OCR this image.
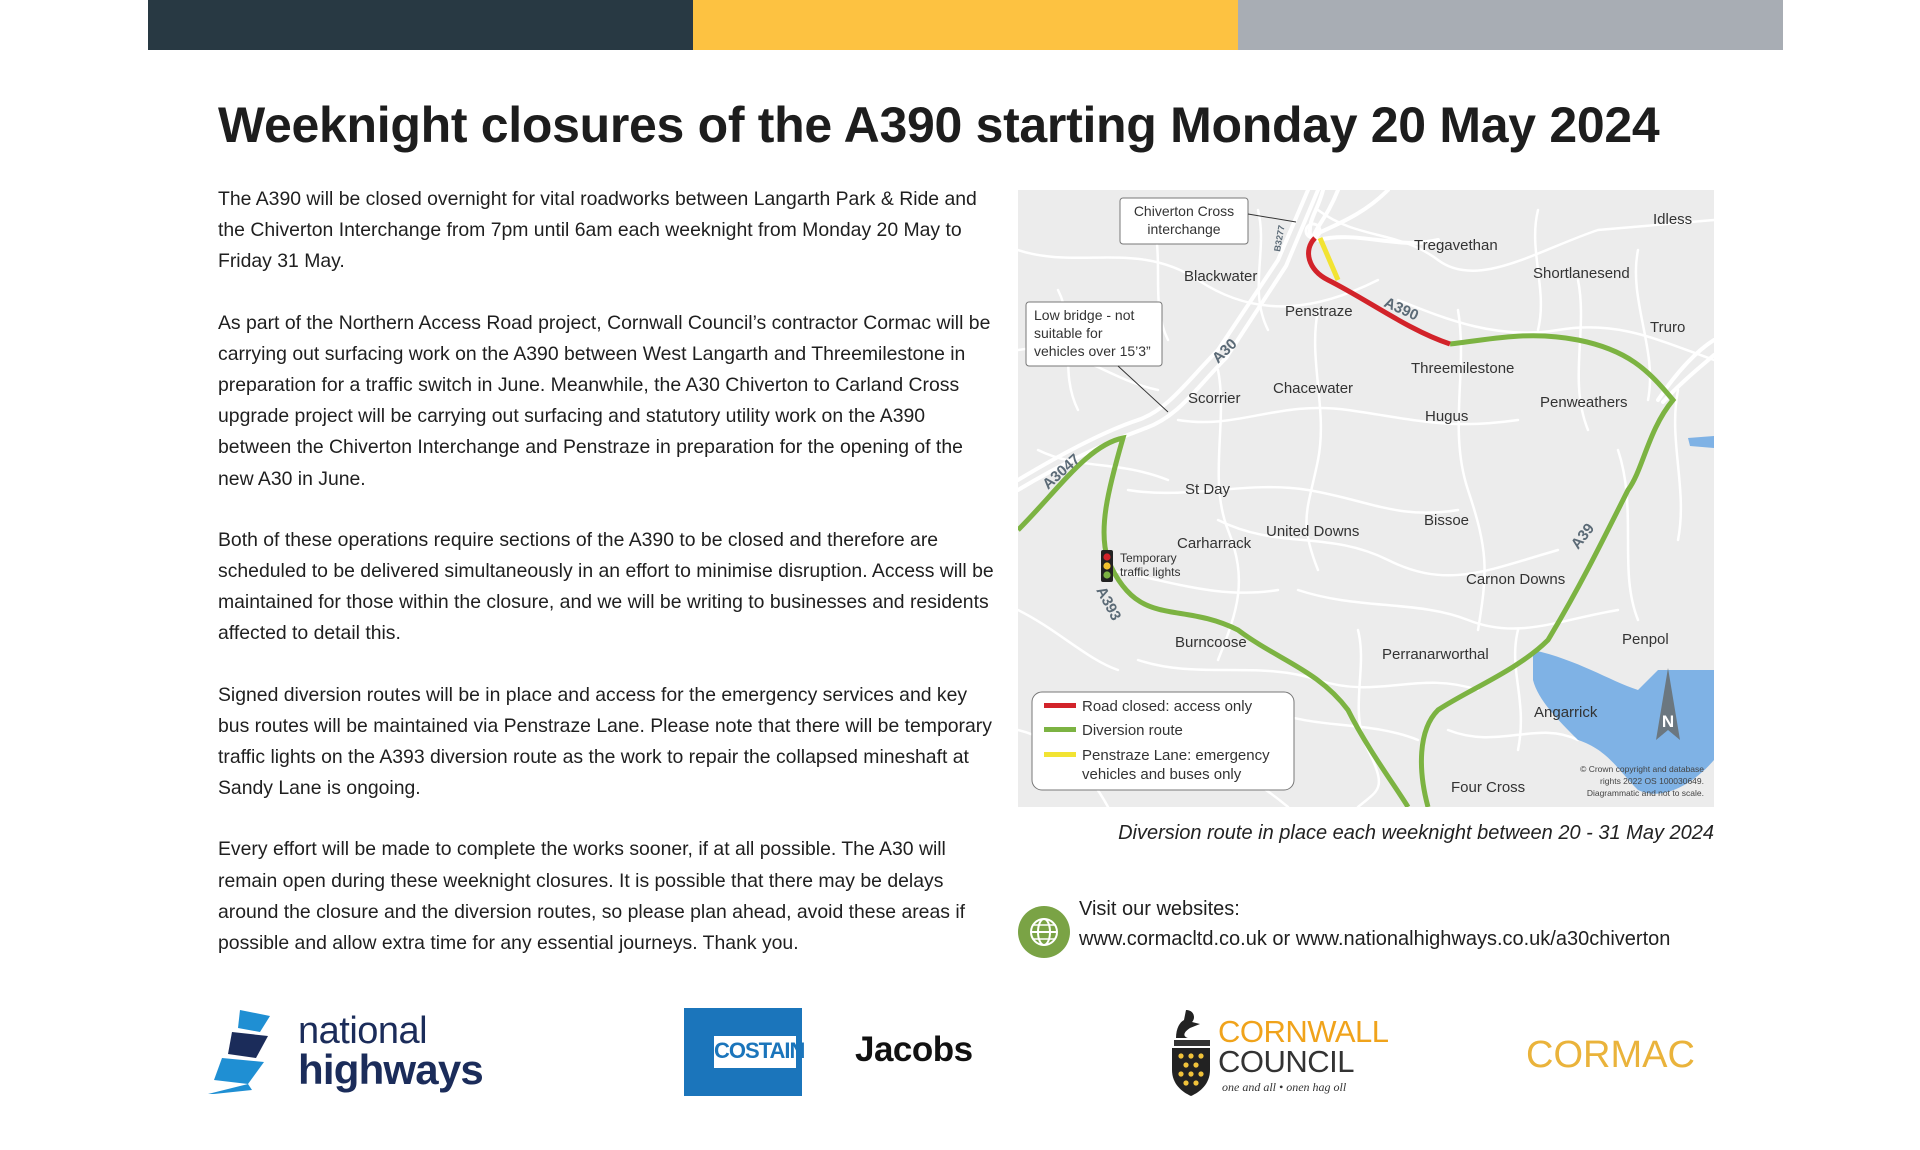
Weeknight closures of the A390 starting Monday 20 May 2024

The A390 will be closed overnight for vital roadworks between Langarth Park & Ride and the Chiverton Interchange from 7pm until 6am each weeknight from Monday 20 May to Friday 31 May.

As part of the Northern Access Road project, Cornwall Council’s contractor Cormac will be carrying out surfacing work on the A390 between West Langarth and Threemilestone in preparation for a traffic switch in June. Meanwhile, the A30 Chiverton to Carland Cross upgrade project will be carrying out surfacing and statutory utility work on the A390 between the Chiverton Interchange and Penstraze in preparation for the opening of the new A30 in June.

Both of these operations require sections of the A390 to be closed and therefore are scheduled to be delivered simultaneously in an effort to minimise disruption. Access will be maintained for those within the closure, and we will be writing to businesses and residents affected to detail this.

Signed diversion routes will be in place and access for the emergency services and key bus routes will be maintained via Penstraze Lane. Please note that there will be temporary traffic lights on the A393 diversion route as the work to repair the collapsed mineshaft at Sandy Lane is ongoing.

Every effort will be made to complete the works sooner, if at all possible. The A30 will remain open during these weeknight closures. It is possible that there may be delays around the closure and the diversion routes, so please plan ahead, avoid these areas if possible and allow extra time for any essential journeys. Thank you.

Chiverton Cross
interchange
Low bridge - not
suitable for
vehicles over 15’3”
Temporary
traffic lights
Idless
Tregavethan
Shortlanesend
Blackwater
Penstraze
Truro
Threemilestone
Penweathers
Scorrier
Chacewater
Hugus
St Day
Bissoe
Carharrack
United Downs
Carnon Downs
Burncoose
Perranarworthal
Penpol
Angarrick
Four Cross
A390
A30
A3047
A393
A39
B3277
N
Road closed: access only
Diversion route
Penstraze Lane: emergency
vehicles and buses only	© Crown copyright and database
rights 2022 OS 100030649.
Diagrammatic and not to scale.
Diversion route in place each weeknight between 20 - 31 May 2024
Visit our websites:
www.cormacltd.co.uk or www.nationalhighways.co.uk/a30chiverton
national
highways	COSTAIN Jacobs	CORNWALL
COUNCIL
one and all • onen hag oll
CORMAC
